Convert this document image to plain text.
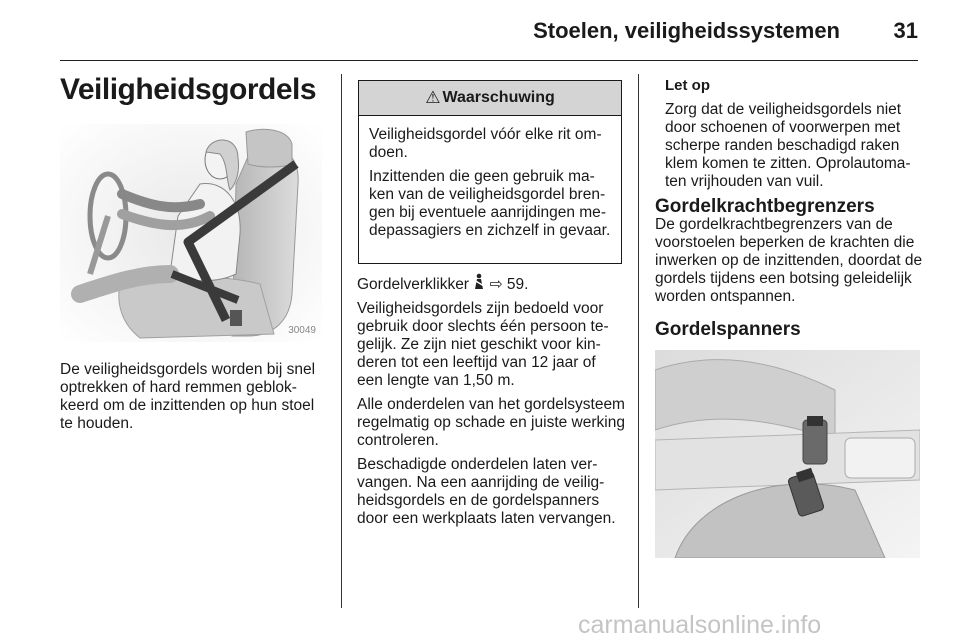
Stoelen, veiligheidssystemen 31
Veiligheidsgordels
30049

De veiligheidsgordels worden bij snel optrekken of hard remmen geblokkeerd om de inzittenden op hun stoel te houden.

⚠ Waarschuwing

Veiligheidsgordel vóór elke rit omdoen.

Inzittenden die geen gebruik maken van de veiligheidsgordel brengen bij eventuele aanrijdingen medepassagiers en zichzelf in gevaar.

Gordelverklikker ⇨ 59.

Veiligheidsgordels zijn bedoeld voor gebruik door slechts één persoon tegelijk. Ze zijn niet geschikt voor kinderen tot een leeftijd van 12 jaar of een lengte van 1,50 m.

Alle onderdelen van het gordelsysteem regelmatig op schade en juiste werking controleren.

Beschadigde onderdelen laten vervangen. Na een aanrijding de veiligheidsgordels en de gordelspanners door een werkplaats laten vervangen.

Let op

Zorg dat de veiligheidsgordels niet door schoenen of voorwerpen met scherpe randen beschadigd raken klem komen te zitten. Oprolautomaten vrijhouden van vuil.

Gordelkrachtbegrenzers

De gordelkrachtbegrenzers van de voorstoelen beperken de krachten die inwerken op de inzittenden, doordat de gordels tijdens een botsing geleidelijk worden ontspannen.

Gordelspanners
carmanualsonline.info
